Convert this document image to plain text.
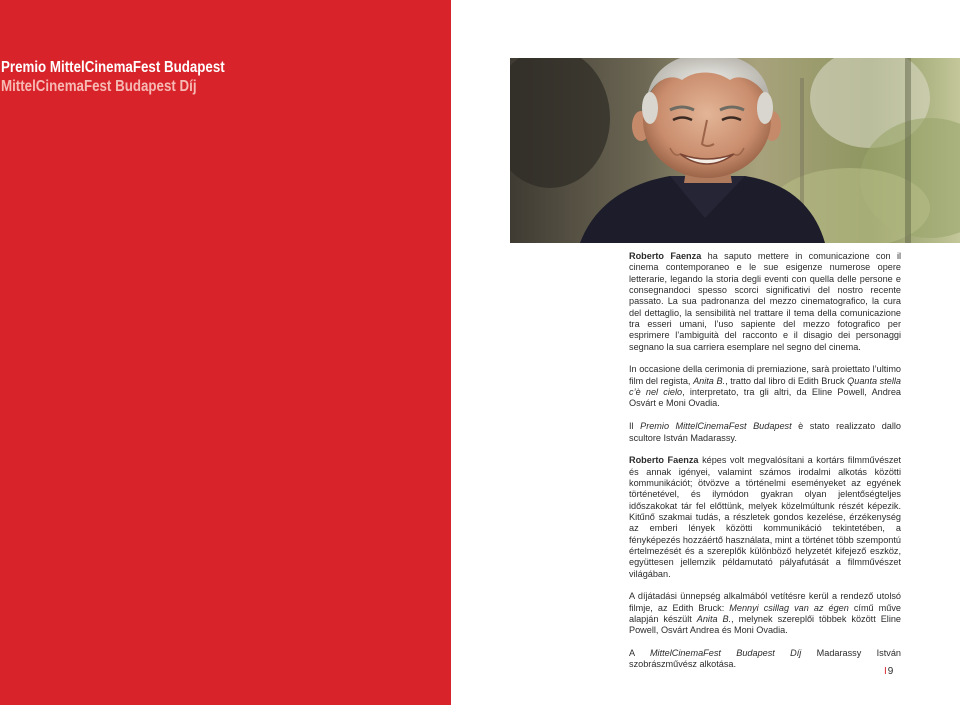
Premio MittelCinemaFest Budapest
MittelCinemaFest Budapest Díj

Roberto Faenza ha saputo mettere in comunicazione con il cinema contemporaneo e le sue esigenze numerose opere letterarie, legando la storia degli eventi con quella delle persone e consegnandoci spesso scorci significativi del nostro recente passato. La sua padronanza del mezzo cinematografico, la cura del dettaglio, la sensibilità nel trattare il tema della comunicazione tra esseri umani, l’uso sapiente del mezzo fotografico per esprimere l’ambiguità del racconto e il disagio dei personaggi segnano la sua carriera esemplare nel segno del cinema.

In occasione della cerimonia di premiazione, sarà proiettato l’ultimo film del regista, Anita B., tratto dal libro di Edith Bruck Quanta stella c’è nel cielo, interpretato, tra gli altri, da Eline Powell, Andrea Osvárt e Moni Ovadia.

Il Premio MittelCinemaFest Budapest è stato realizzato dallo scultore István Madarassy.

Roberto Faenza képes volt megvalósítani a kortárs filmművészet és annak igényei, valamint számos irodalmi alkotás közötti kommunikációt; ötvözve a történelmi eseményeket az egyének történetével, és ilymódon gyakran olyan jelentőségteljes időszakokat tár fel előttünk, melyek közelmúltunk részét képezik. Kitűnő szakmai tudás, a részletek gondos kezelése, érzékenység az emberi lények közötti kommunikáció tekintetében, a fényképezés hozzáértő használata, mint a történet több szempontú értelmezését és a szereplők különböző helyzetét kifejező eszköz, együttesen jellemzik példamutató pályafutását a filmművészet világában.

A díjátadási ünnepség alkalmából vetítésre kerül a rendező utolsó filmje, az Edith Bruck: Mennyi csillag van az égen című műve alapján készült Anita B., melynek szereplői többek között Eline Powell, Osvárt Andrea és Moni Ovadia.

A MittelCinemaFest Budapest Díj Madarassy István szobrászművész alkotása.

I9
